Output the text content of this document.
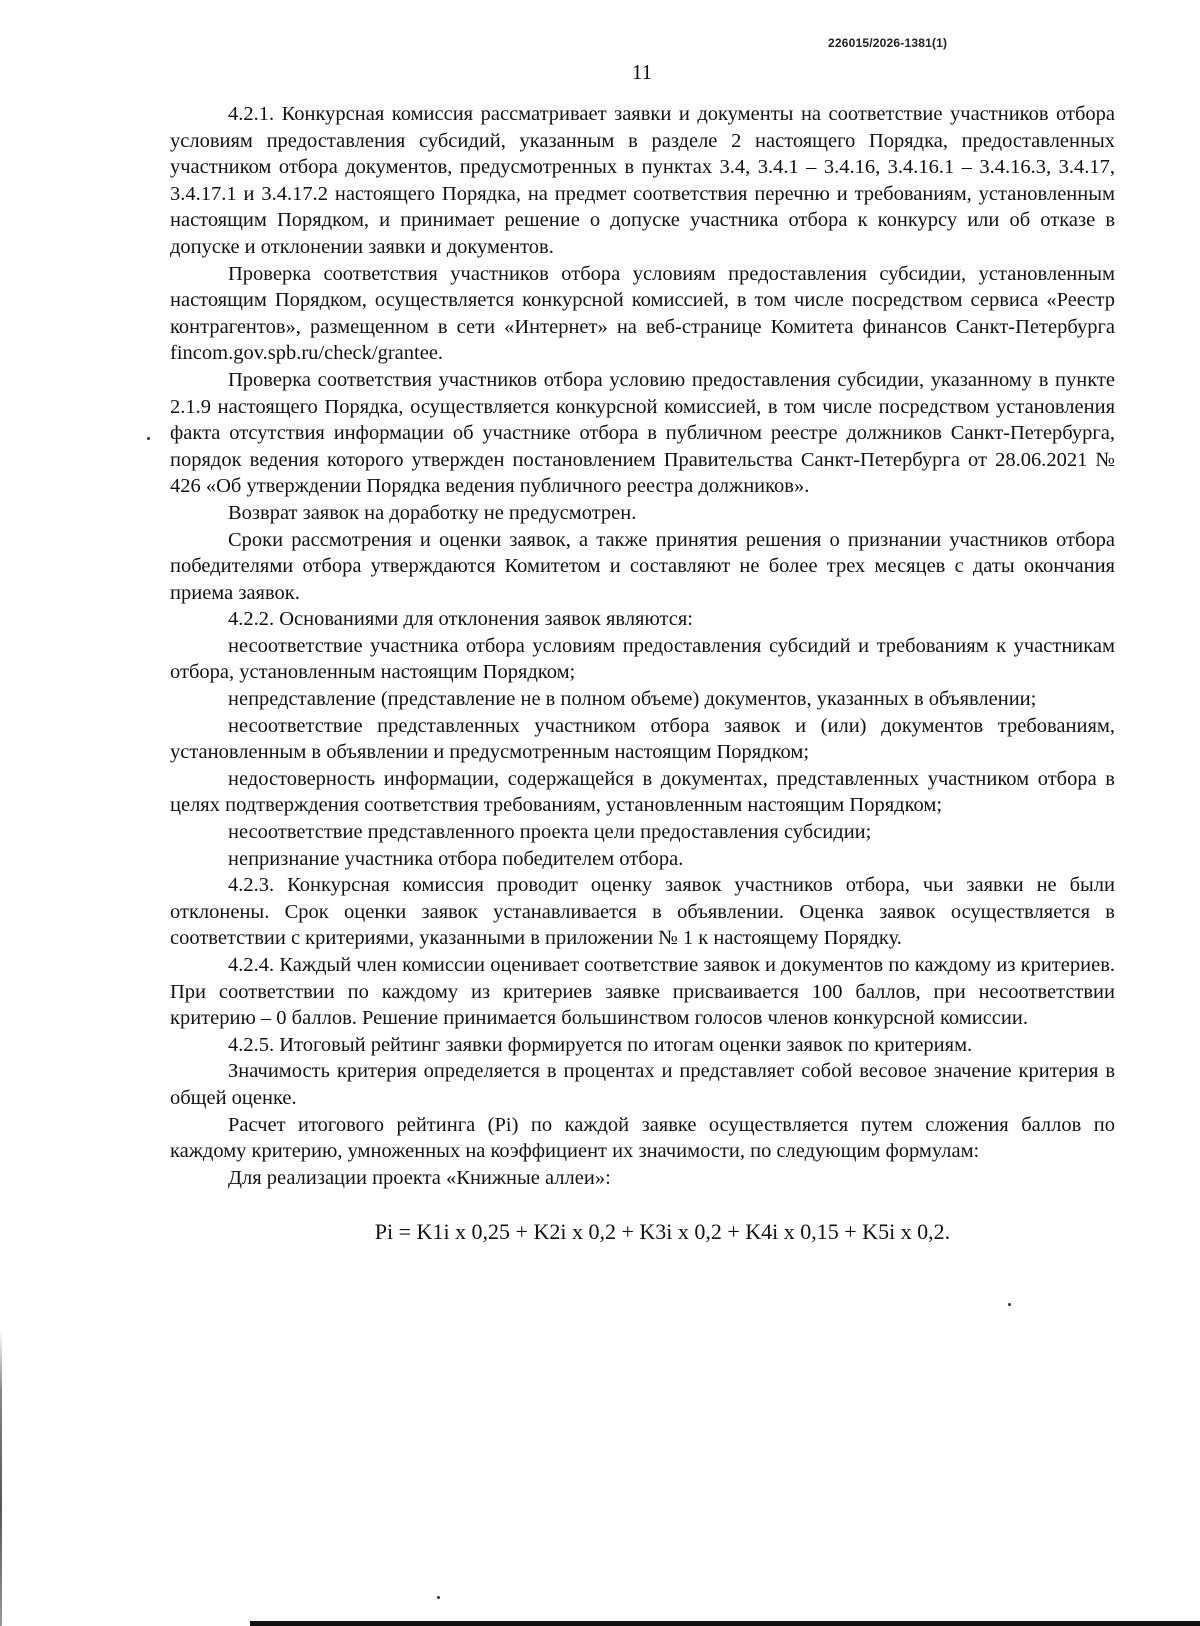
226015/2026-1381(1)
11

4.2.1. Конкурсная комиссия рассматривает заявки и документы на соответствие участников отбора условиям предоставления субсидий, указанным в разделе 2 настоящего Порядка, предоставленных участником отбора документов, предусмотренных в пунктах 3.4, 3.4.1 – 3.4.16, 3.4.16.1 – 3.4.16.3, 3.4.17, 3.4.17.1 и 3.4.17.2 настоящего Порядка, на предмет соответствия перечню и требованиям, установленным настоящим Порядком, и принимает решение о допуске участника отбора к конкурсу или об отказе в допуске и отклонении заявки и документов.

Проверка соответствия участников отбора условиям предоставления субсидии, установленным настоящим Порядком, осуществляется конкурсной комиссией, в том числе посредством сервиса «Реестр контрагентов», размещенном в сети «Интернет» на веб-странице Комитета финансов Санкт-Петербурга fincom.gov.spb.ru/check/grantee.

Проверка соответствия участников отбора условию предоставления субсидии, указанному в пункте 2.1.9 настоящего Порядка, осуществляется конкурсной комиссией, в том числе посредством установления факта отсутствия информации об участнике отбора в публичном реестре должников Санкт-Петербурга, порядок ведения которого утвержден постановлением Правительства Санкт-Петербурга от 28.06.2021 № 426 «Об утверждении Порядка ведения публичного реестра должников».

Возврат заявок на доработку не предусмотрен.

Сроки рассмотрения и оценки заявок, а также принятия решения о признании участников отбора победителями отбора утверждаются Комитетом и составляют не более трех месяцев с даты окончания приема заявок.

4.2.2. Основаниями для отклонения заявок являются:

несоответствие участника отбора условиям предоставления субсидий и требованиям к участникам отбора, установленным настоящим Порядком;

непредставление (представление не в полном объеме) документов, указанных в объявлении;

несоответствие представленных участником отбора заявок и (или) документов требованиям, установленным в объявлении и предусмотренным настоящим Порядком;

недостоверность информации, содержащейся в документах, представленных участником отбора в целях подтверждения соответствия требованиям, установленным настоящим Порядком;

несоответствие представленного проекта цели предоставления субсидии;

непризнание участника отбора победителем отбора.

4.2.3. Конкурсная комиссия проводит оценку заявок участников отбора, чьи заявки не были отклонены. Срок оценки заявок устанавливается в объявлении. Оценка заявок осуществляется в соответствии с критериями, указанными в приложении № 1 к настоящему Порядку.

4.2.4. Каждый член комиссии оценивает соответствие заявок и документов по каждому из критериев. При соответствии по каждому из критериев заявке присваивается 100 баллов, при несоответствии критерию – 0 баллов. Решение принимается большинством голосов членов конкурсной комиссии.

4.2.5. Итоговый рейтинг заявки формируется по итогам оценки заявок по критериям.

Значимость критерия определяется в процентах и представляет собой весовое значение критерия в общей оценке.

Расчет итогового рейтинга (Pi) по каждой заявке осуществляется путем сложения баллов по каждому критерию, умноженных на коэффициент их значимости, по следующим формулам:

Для реализации проекта «Книжные аллеи»:

Pi = K1i x 0,25 + K2i x 0,2 + K3i x 0,2 + K4i x 0,15 + K5i x 0,2.
